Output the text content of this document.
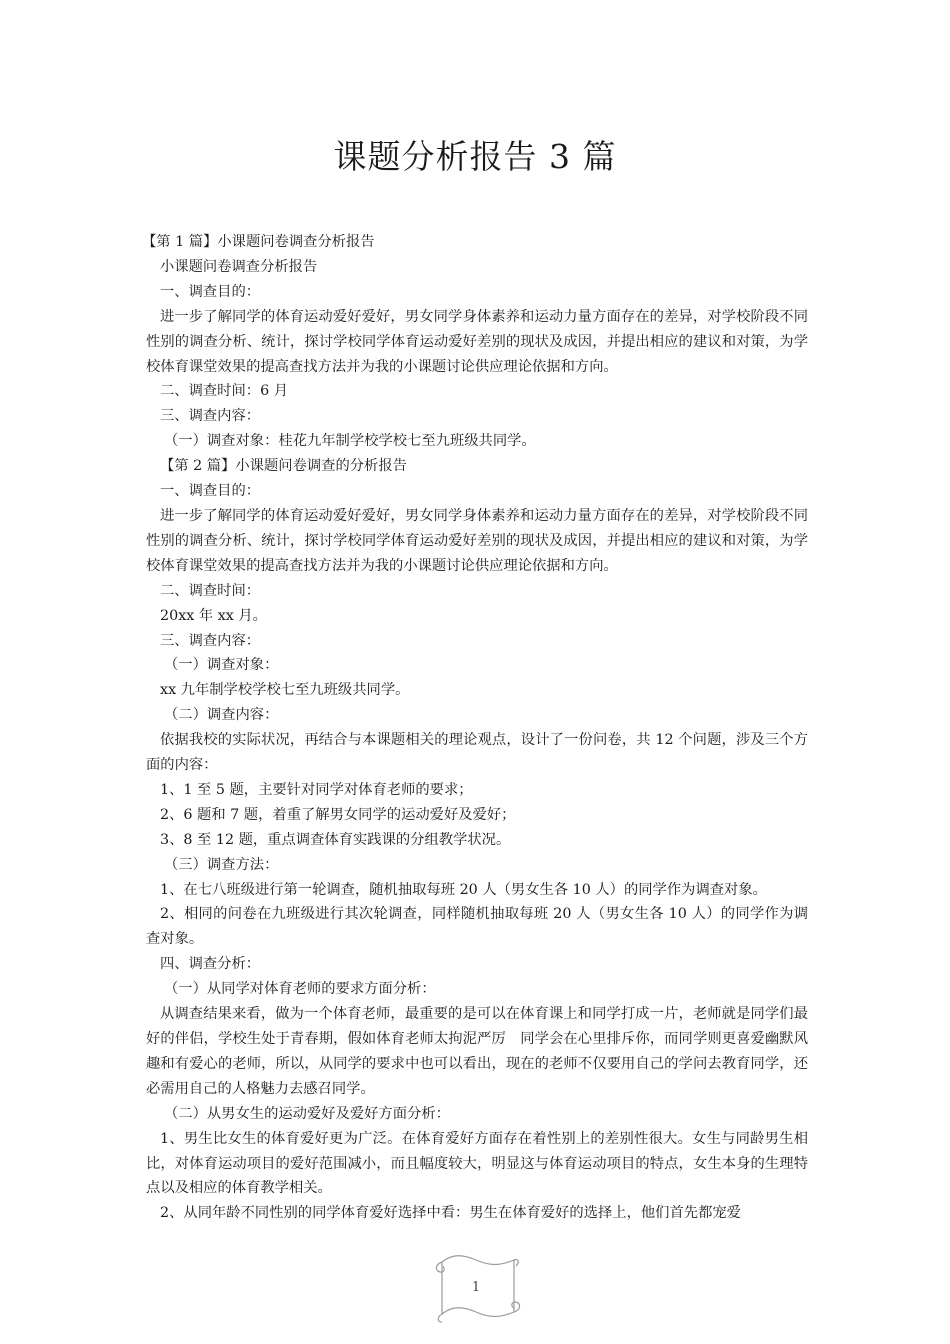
课题分析报告 3 篇

【第 1 篇】小课题问卷调查分析报告

小课题问卷调查分析报告

一、调查目的：

进一步了解同学的体育运动爱好爱好，男女同学身体素养和运动力量方面存在的差异，对学校阶段不同性别的调查分析、统计，探讨学校同学体育运动爱好差别的现状及成因，并提出相应的建议和对策，为学校体育课堂效果的提高查找方法并为我的小课题讨论供应理论依据和方向。

二、调查时间：6 月

三、调查内容：

（一）调查对象：桂花九年制学校学校七至九班级共同学。

【第 2 篇】小课题问卷调查的分析报告

一、调查目的：

进一步了解同学的体育运动爱好爱好，男女同学身体素养和运动力量方面存在的差异，对学校阶段不同性别的调查分析、统计，探讨学校同学体育运动爱好差别的现状及成因，并提出相应的建议和对策，为学校体育课堂效果的提高查找方法并为我的小课题讨论供应理论依据和方向。

二、调查时间：

20xx 年 xx 月。

三、调查内容：

（一）调查对象：

xx 九年制学校学校七至九班级共同学。

（二）调查内容：

依据我校的实际状况，再结合与本课题相关的理论观点，设计了一份问卷，共 12 个问题，涉及三个方面的内容：

1、1 至 5 题，主要针对同学对体育老师的要求；

2、6 题和 7 题，着重了解男女同学的运动爱好及爱好；

3、8 至 12 题，重点调查体育实践课的分组教学状况。

（三）调查方法：

1、在七八班级进行第一轮调查，随机抽取每班 20 人（男女生各 10 人）的同学作为调查对象。

2、相同的问卷在九班级进行其次轮调查，同样随机抽取每班 20 人（男女生各 10 人）的同学作为调查对象。

四、调查分析：

（一）从同学对体育老师的要求方面分析：

从调查结果来看，做为一个体育老师，最重要的是可以在体育课上和同学打成一片，老师就是同学们最好的伴侣，学校生处于青春期，假如体育老师太拘泥严厉　同学会在心里排斥你，而同学则更喜爱幽默风趣和有爱心的老师，所以，从同学的要求中也可以看出，现在的老师不仅要用自己的学问去教育同学，还必需用自己的人格魅力去感召同学。

（二）从男女生的运动爱好及爱好方面分析：

1、男生比女生的体育爱好更为广泛。在体育爱好方面存在着性别上的差别性很大。女生与同龄男生相比，对体育运动项目的爱好范围减小，而且幅度较大，明显这与体育运动项目的特点，女生本身的生理特点以及相应的体育教学相关。

2、从同年龄不同性别的同学体育爱好选择中看：男生在体育爱好的选择上，他们首先都宠爱

1
